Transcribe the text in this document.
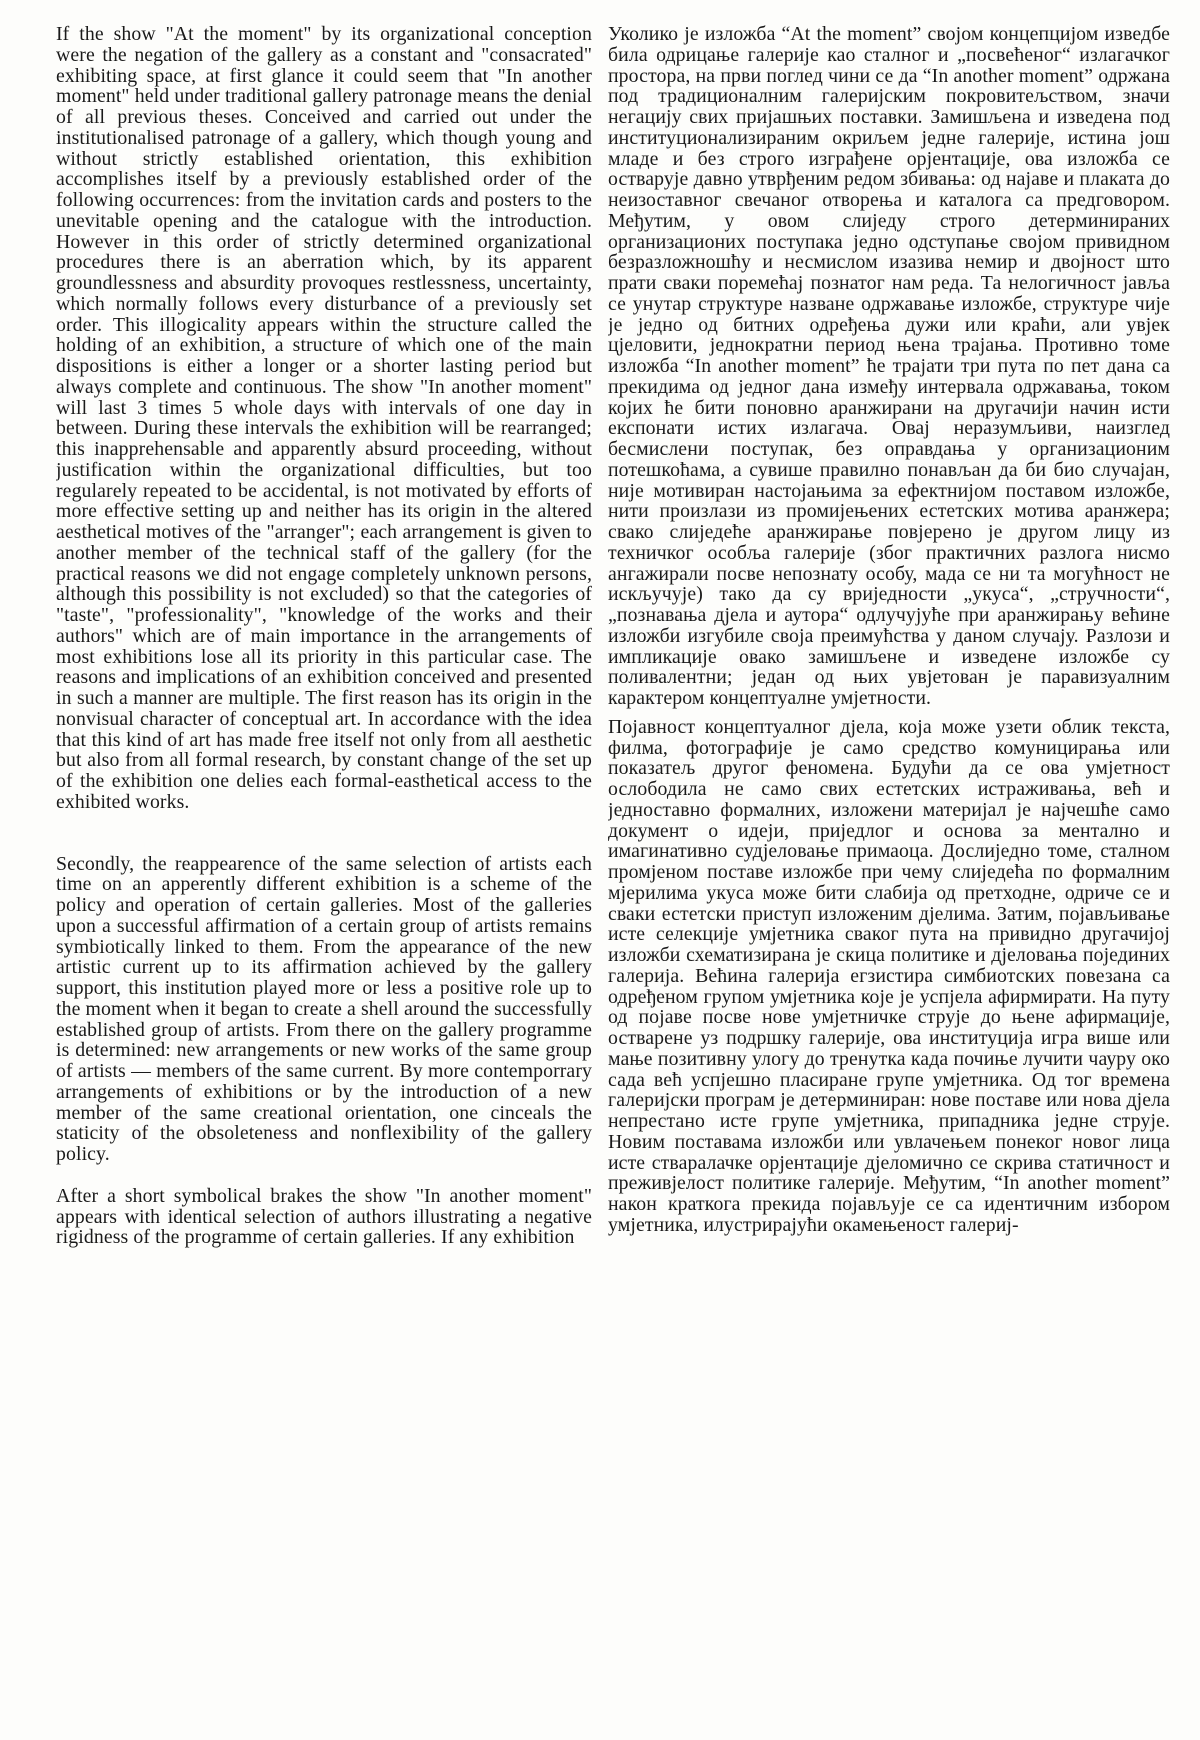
If the show "At the moment" by its organizational conception were the negation of the gallery as a constant and "consacrated" exhibiting space, at first glance it could seem that "In another moment" held under traditional gallery patronage means the denial of all previous theses. Conceived and carried out under the institutionalised patronage of a gallery, which though young and without strictly established orientation, this exhibition accomplishes itself by a previously established order of the following occurrences: from the invitation cards and posters to the unevitable opening and the catalogue with the introduction. However in this order of strictly determined organizational procedures there is an aberration which, by its apparent groundlessness and absurdity provoques restlessness, uncertainty, which normally follows every disturbance of a previously set order. This illogicality appears within the structure called the holding of an exhibition, a structure of which one of the main dispositions is either a longer or a shorter lasting period but always complete and continuous. The show "In another moment" will last 3 times 5 whole days with intervals of one day in between. During these intervals the exhibition will be rearranged; this inapprehensable and apparently absurd proceeding, without justification within the organizational difficulties, but too regularely repeated to be accidental, is not motivated by efforts of more effective setting up and neither has its origin in the altered aesthetical motives of the "arranger"; each arrangement is given to another member of the technical staff of the gallery (for the practical reasons we did not engage completely unknown persons, although this possibility is not excluded) so that the categories of "taste", "professionality", "knowledge of the works and their authors" which are of main importance in the arrangements of most exhibitions lose all its priority in this particular case. The reasons and implications of an exhibition conceived and presented in such a manner are multiple. The first reason has its origin in the nonvisual character of conceptual art. In accordance with the idea that this kind of art has made free itself not only from all aesthetic but also from all formal research, by constant change of the set up of the exhibition one delies each formal-easthetical access to the exhibited works.

Secondly, the reappearence of the same selection of artists each time on an apperently different exhibition is a scheme of the policy and operation of certain galleries. Most of the galleries upon a successful affirmation of a certain group of artists remains symbiotically linked to them. From the appearance of the new artistic current up to its affirmation achieved by the gallery support, this institution played more or less a positive role up to the moment when it began to create a shell around the successfully established group of artists. From there on the gallery programme is determined: new arrangements or new works of the same group of artists — members of the same current. By more contemporrary arrangements of exhibitions or by the introduction of a new member of the same creational orientation, one cinceals the staticity of the obsoleteness and nonflexibility of the gallery policy.

After a short symbolical brakes the show "In another moment" appears with identical selection of authors illustrating a negative rigidness of the programme of certain galleries. If any exhibition

Уколико је изложба “At the moment” својом концепцијом изведбе била одрицање галерије као сталног и „посвећеног“ излагачког простора, на први поглед чини се да “In another moment” одржана под традиционалним галеријским покровитељством, значи негацију свих пријашњих поставки. Замишљена и изведена под институционализираним окриљем једне галерије, истина још младе и без строго изграђене орјентације, ова изложба се остварује давно утврђеним редом збивања: од најаве и плаката до неизоставног свечаног отворења и каталога са предговором. Међутим, у овом слиједу строго детерминираних организационих поступака једно одступање својом привидном безразложношћу и несмислом изазива немир и двојност што прати сваки поремећај познатог нам реда. Та нелогичност јавља се унутар структуре назване одржавање изложбе, структуре чије је једно од битних одређења дужи или краћи, али увјек цјеловити, једнократни период њена трајања. Противно томе изложба “In another moment” ће трајати три пута по пет дана са прекидима од једног дана између интервала одржавања, током којих ће бити поновно аранжирани на другачији начин исти експонати истих излагача. Овај неразумљиви, наизглед бесмислени поступак, без оправдања у организационим потешкоћама, а сувише правилно понављан да би био случајан, није мотивиран настојањима за ефектнијом поставом изложбе, нити произлази из промијењених естетских мотива аранжера; свако слиједеће аранжирање повјерено је другом лицу из техничког особља галерије (због практичних разлога нисмо ангажирали посве непознату особу, мада се ни та могућност не искључује) тако да су вриједности „укуса“, „стручности“, „познавања дјела и аутора“ одлучујуће при аранжирању већине изложби изгубиле своја преимућства у даном случају. Разлози и импликације овако замишљене и изведене изложбе су поливалентни; један од њих увјетован је паравизуалним карактером концептуалне умјетности.

Појавност концептуалног дјела, која може узети облик текста, филма, фотографије је само средство комуницирања или показатељ другог феномена. Будући да се ова умјетност ослободила не само свих естетских истраживања, већ и једноставно формалних, изложени материјал је најчешће само документ о идеји, приједлог и основа за ментално и имагинативно судјеловање примаоца. Дослиједно томе, сталном промјеном поставе изложбе при чему слиједећа по формалним мјерилима укуса може бити слабија од претходне, одриче се и сваки естетски приступ изложеним дјелима. Затим, појављивање исте селекције умјетника сваког пута на привидно другачијој изложби схематизирана је скица политике и дјеловања појединих галерија. Већина галерија егзистира симбиотских повезана са одређеном групом умјетника које је успјела афирмирати. На путу од појаве посве нове умјетничке струје до њене афирмације, остварене уз подршку галерије, ова институција игра више или мање позитивну улогу до тренутка када почиње лучити чауру око сада већ успјешно пласиране групе умјетника. Од тог времена галеријски програм је детерминиран: нове поставе или нова дјела непрестано исте групе умјетника, припадника једне струје. Новим поставама изложби или увлачењем понеког новог лица исте стваралачке орјентације дјеломично се скрива статичност и преживјелост политике галерије. Међутим, “In another moment” након краткога прекида појављује се са идентичним избором умјетника, илустрирајући окамењеност галериј-
